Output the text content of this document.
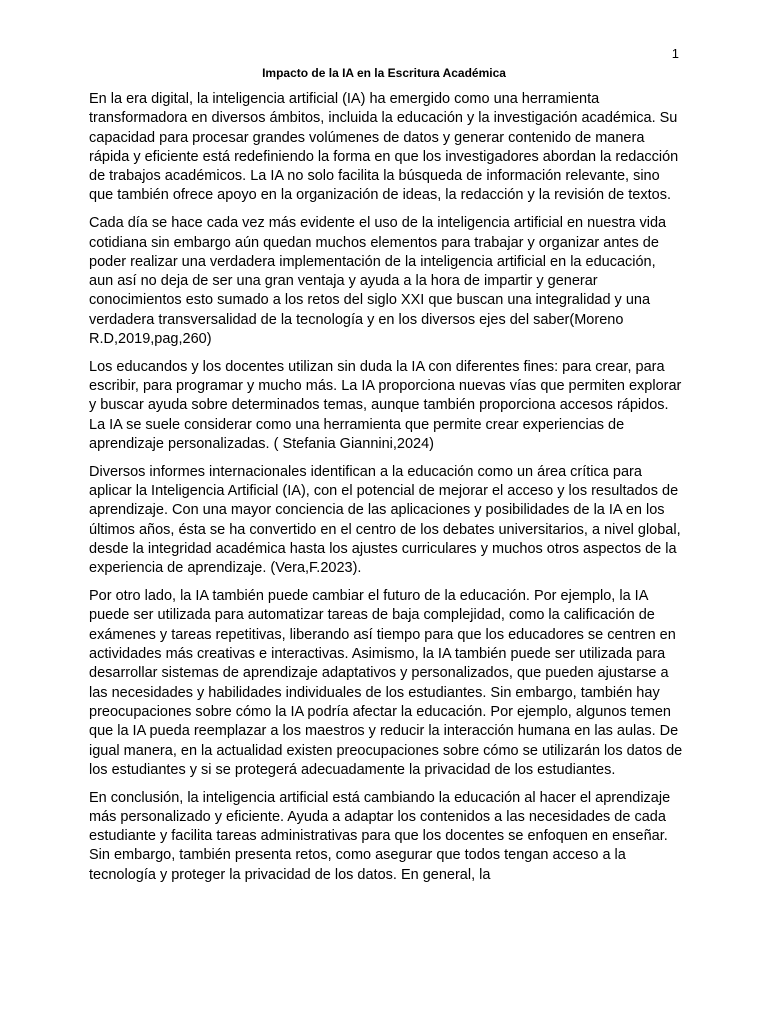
1
Impacto de la IA en la Escritura Académica

En la era digital, la inteligencia artificial (IA) ha emergido como una herramienta transformadora en diversos ámbitos, incluida la educación y la investigación académica. Su capacidad para procesar grandes volúmenes de datos y generar contenido de manera rápida y eficiente está redefiniendo la forma en que los investigadores abordan la redacción de trabajos académicos. La IA no solo facilita la búsqueda de información relevante, sino que también ofrece apoyo en la organización de ideas, la redacción y la revisión de textos.

Cada día se hace cada vez más evidente el uso de la inteligencia artificial en nuestra vida cotidiana sin embargo aún quedan muchos elementos para trabajar y organizar antes de poder realizar una verdadera implementación de la inteligencia artificial en la educación, aun así no deja de ser una gran ventaja y ayuda a la hora de impartir y generar conocimientos esto sumado a los retos del siglo XXI que buscan una integralidad y una verdadera transversalidad de la tecnología y en los diversos ejes del saber(Moreno R.D,2019,pag,260)

Los educandos y los docentes utilizan sin duda la IA con diferentes fines: para crear, para escribir, para programar y mucho más. La IA proporciona nuevas vías que permiten explorar y buscar ayuda sobre determinados temas, aunque también proporciona accesos rápidos. La IA se suele considerar como una herramienta que permite crear experiencias de aprendizaje personalizadas. ( Stefania Giannini,2024)

Diversos informes internacionales identifican a la educación como un área crítica para aplicar la Inteligencia Artificial (IA), con el potencial de mejorar el acceso y los resultados de aprendizaje. Con una mayor conciencia de las aplicaciones y posibilidades de la IA en los últimos años, ésta se ha convertido en el centro de los debates universitarios, a nivel global, desde la integridad académica hasta los ajustes curriculares y muchos otros aspectos de la experiencia de aprendizaje. (Vera,F.2023).

Por otro lado, la IA también puede cambiar el futuro de la educación. Por ejemplo, la IA puede ser utilizada para automatizar tareas de baja complejidad, como la calificación de exámenes y tareas repetitivas, liberando así tiempo para que los educadores se centren en actividades más creativas e interactivas. Asimismo, la IA también puede ser utilizada para desarrollar sistemas de aprendizaje adaptativos y personalizados, que pueden ajustarse a las necesidades y habilidades individuales de los estudiantes. Sin embargo, también hay preocupaciones sobre cómo la IA podría afectar la educación. Por ejemplo, algunos temen que la IA pueda reemplazar a los maestros y reducir la interacción humana en las aulas. De igual manera, en la actualidad existen preocupaciones sobre cómo se utilizarán los datos de los estudiantes y si se protegerá adecuadamente la privacidad de los estudiantes.

En conclusión, la inteligencia artificial está cambiando la educación al hacer el aprendizaje más personalizado y eficiente. Ayuda a adaptar los contenidos a las necesidades de cada estudiante y facilita tareas administrativas para que los docentes se enfoquen en enseñar. Sin embargo, también presenta retos, como asegurar que todos tengan acceso a la tecnología y proteger la privacidad de los datos. En general, la
